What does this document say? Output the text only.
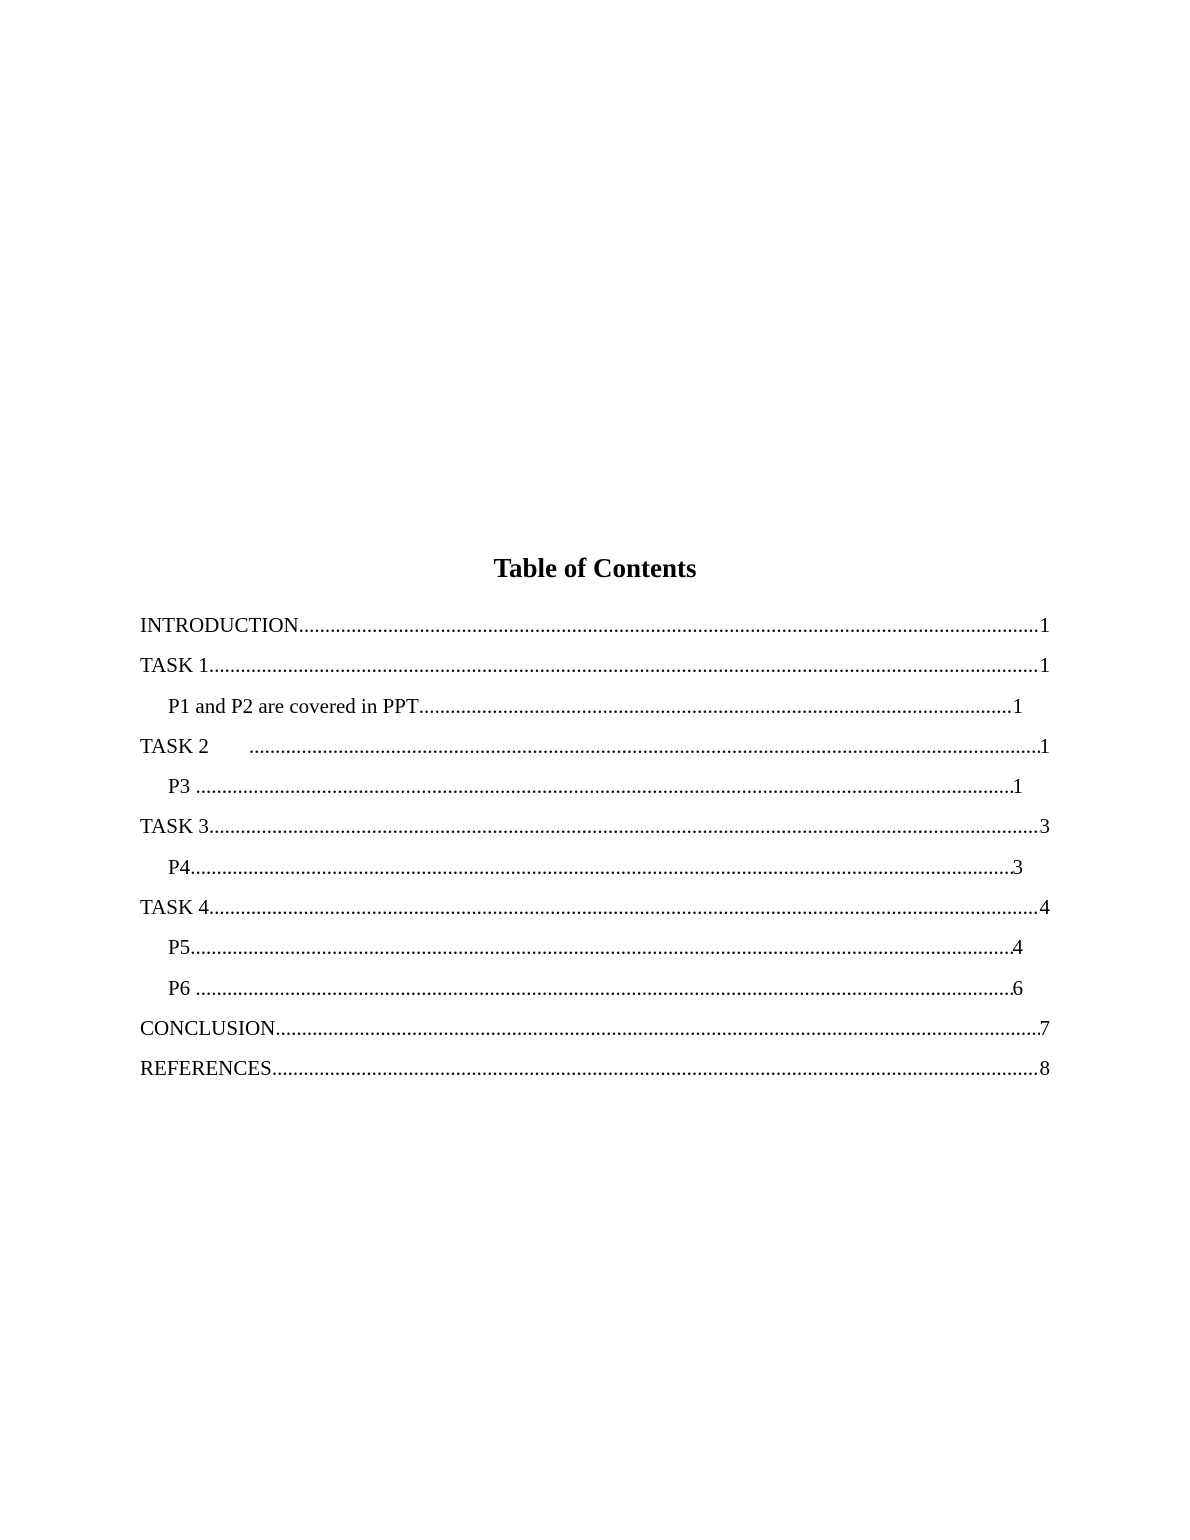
Table of Contents
INTRODUCTION .....	1
TASK 1 .....	1
P1 and P2 are covered in PPT .....	1
TASK 2 .....	1
P3 .....	1
TASK 3 .....	3
P4 .....	3
TASK 4 .....	4
P5 .....	4
P6 .....	6
CONCLUSION .....	7
REFERENCES .....	8
